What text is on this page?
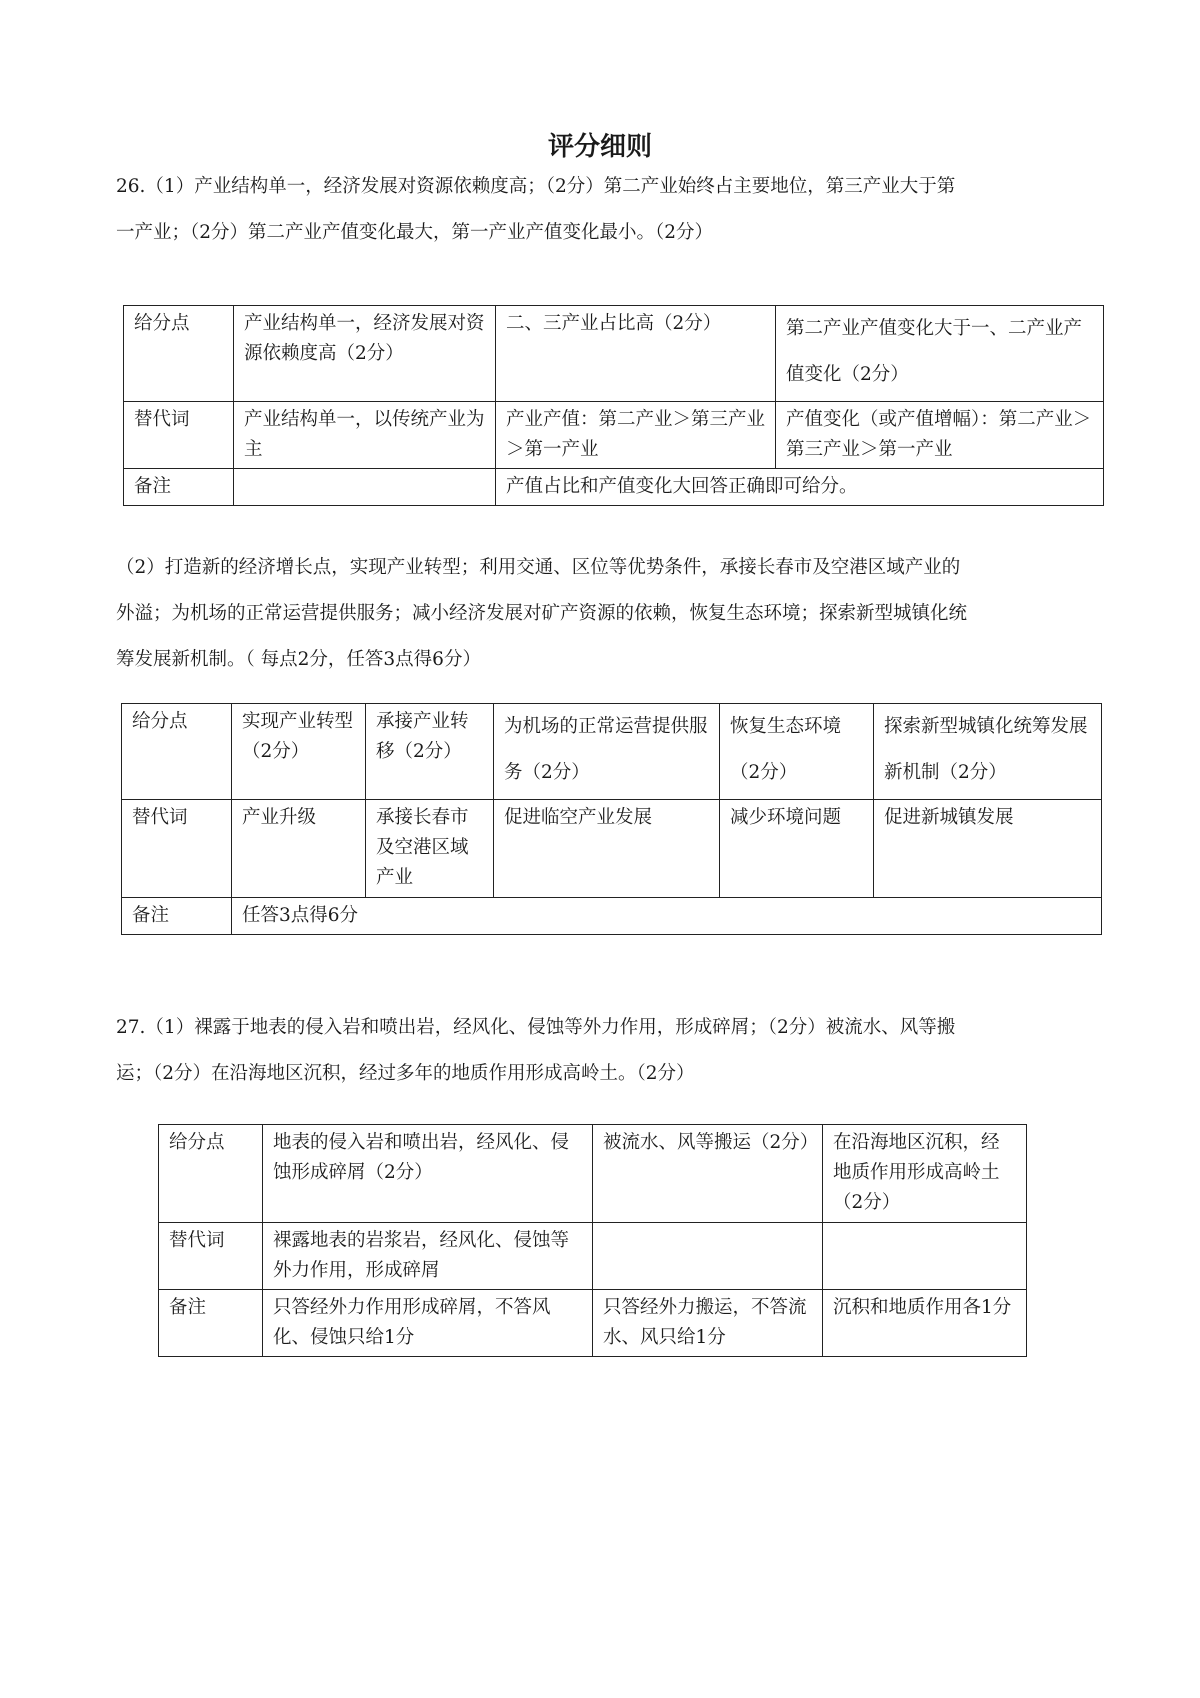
评分细则

26.（1）产业结构单一，经济发展对资源依赖度高；（2分）第二产业始终占主要地位，第三产业大于第
一产业；（2分）第二产业产值变化最大，第一产业产值变化最小。（2分）

给分点	产业结构单一，经济发展对资源依赖度高（2分）	二、三产业占比高（2分）	第二产业产值变化大于一、二产业产值变化（2分）
替代词	产业结构单一，以传统产业为主	产业产值：第二产业＞第三产业＞第一产业	产值变化（或产值增幅）：第二产业＞第三产业＞第一产业
备注		产值占比和产值变化大回答正确即可给分。	

（2）打造新的经济增长点，实现产业转型；利用交通、区位等优势条件，承接长春市及空港区域产业的
外溢；为机场的正常运营提供服务；减小经济发展对矿产资源的依赖，恢复生态环境；探索新型城镇化统
筹发展新机制。（ 每点2分，任答3点得6分）

给分点	实现产业转型（2分）	承接产业转移（2分）	为机场的正常运营提供服务（2分）	恢复生态环境（2分）	探索新型城镇化统筹发展新机制（2分）
替代词	产业升级	承接长春市及空港区域产业	促进临空产业发展	减少环境问题	促进新城镇发展
备注	任答3点得6分				

27.（1）裸露于地表的侵入岩和喷出岩，经风化、侵蚀等外力作用，形成碎屑；（2分）被流水、风等搬
运；（2分）在沿海地区沉积，经过多年的地质作用形成高岭土。（2分）

给分点	地表的侵入岩和喷出岩，经风化、侵蚀形成碎屑（2分）	被流水、风等搬运（2分）	在沿海地区沉积，经地质作用形成高岭土（2分）
替代词	裸露地表的岩浆岩，经风化、侵蚀等外力作用，形成碎屑		
备注	只答经外力作用形成碎屑，不答风化、侵蚀只给1分	只答经外力搬运，不答流水、风只给1分	沉积和地质作用各1分
